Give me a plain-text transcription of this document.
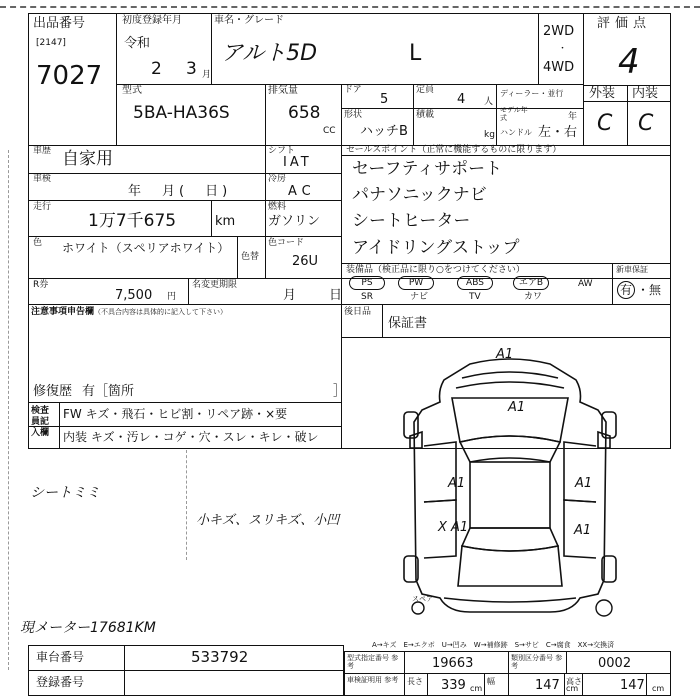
出品番号
[2147]
7027
初度登録年月
令和
2 3 月
車名・グレード
アルト5D	L
2WD
・
4WD
型式
5BA-HA36S
排気量
658
CC
ドア
5
定員
4 人
ディーラー・並行
モデル年式	年
形状
ハッチB
積載
kg ハンドル 左・右
評価点
4
外装 内装
C C
車歴 自家用	シフト
IAT
車検
年　月(　日)
冷房
AC
走行
1万7千675	km
燃料
ガソリン
色 ホワイト（スペリアホワイト）
色替
色コード
26U
R券
7,500 円
名変更期限
月　日
セールスポイント（正常に機能するものに限ります）
セーフティサポート
パナソニックナビ
シートヒーター
アイドリングストップ
装備品（検正品に限り○をつけてください）
PS	PW	ABS	エアB	AW
SR	ナビ	TV	カワ
新車保証
有 ・無
後日品
保証書
注意事項申告欄 （不具合内容は具体的に記入して下さい）
修復歴 有［箇所	］
検査員記入欄
FW キズ・飛石・ヒビ割・リペア跡・×要
内装 キズ・汚レ・コゲ・穴・スレ・キレ・破レ
シートミミ
小キズ、スリキズ、小凹
現メーター17681KM
A1
A1
A1	A1
A1
X A1
スペア
A→キズ　E→エクボ　U→凹み　W→補修跡　S→サビ　C→腐食　XX→交換済
車台番号	533792
登録番号
型式指定番号 参考	19663	類別区分番号 参考	0002
車検証明用 参考	長さ 339 cm
幅	147 cm
高さ	147 cm
